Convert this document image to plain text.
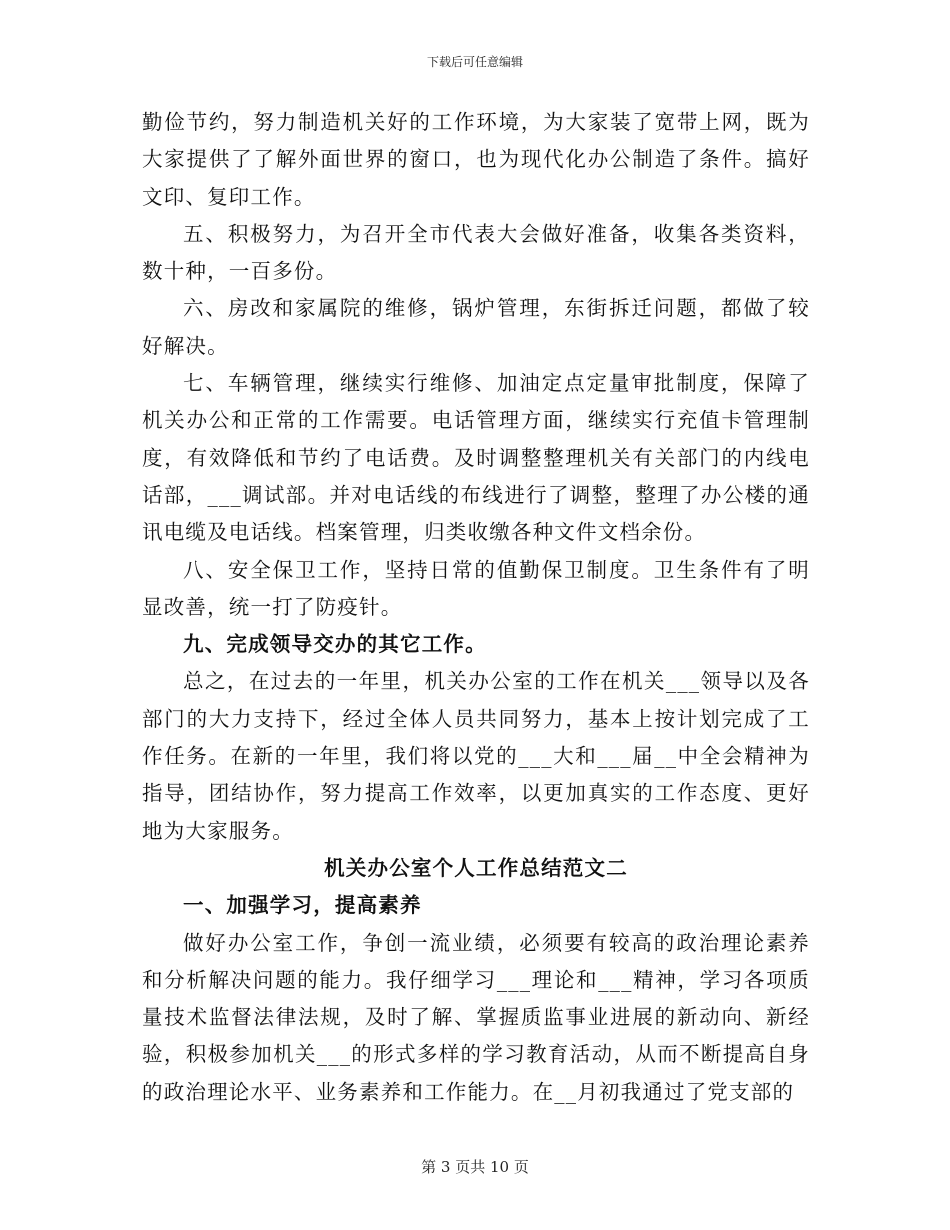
下载后可任意编辑

勤俭节约，努力制造机关好的工作环境，为大家装了宽带上网，既为大家提供了了解外面世界的窗口，也为现代化办公制造了条件。搞好文印、复印工作。

五、积极努力，为召开全市代表大会做好准备，收集各类资料，数十种，一百多份。

六、房改和家属院的维修，锅炉管理，东街拆迁问题，都做了较好解决。

七、车辆管理，继续实行维修、加油定点定量审批制度，保障了机关办公和正常的工作需要。电话管理方面，继续实行充值卡管理制度，有效降低和节约了电话费。及时调整整理机关有关部门的内线电话部，___调试部。并对电话线的布线进行了调整，整理了办公楼的通讯电缆及电话线。档案管理，归类收缴各种文件文档余份。

八、安全保卫工作，坚持日常的值勤保卫制度。卫生条件有了明显改善，统一打了防疫针。

九、完成领导交办的其它工作。

总之，在过去的一年里，机关办公室的工作在机关___领导以及各部门的大力支持下，经过全体人员共同努力，基本上按计划完成了工作任务。在新的一年里，我们将以党的___大和___届__中全会精神为指导，团结协作，努力提高工作效率，以更加真实的工作态度、更好地为大家服务。

机关办公室个人工作总结范文二

一、加强学习，提高素养

做好办公室工作，争创一流业绩，必须要有较高的政治理论素养和分析解决问题的能力。我仔细学习___理论和___精神，学习各项质量技术监督法律法规，及时了解、掌握质监事业进展的新动向、新经验，积极参加机关___的形式多样的学习教育活动，从而不断提高自身的政治理论水平、业务素养和工作能力。在__月初我通过了党支部的

第 3 页共 10 页
